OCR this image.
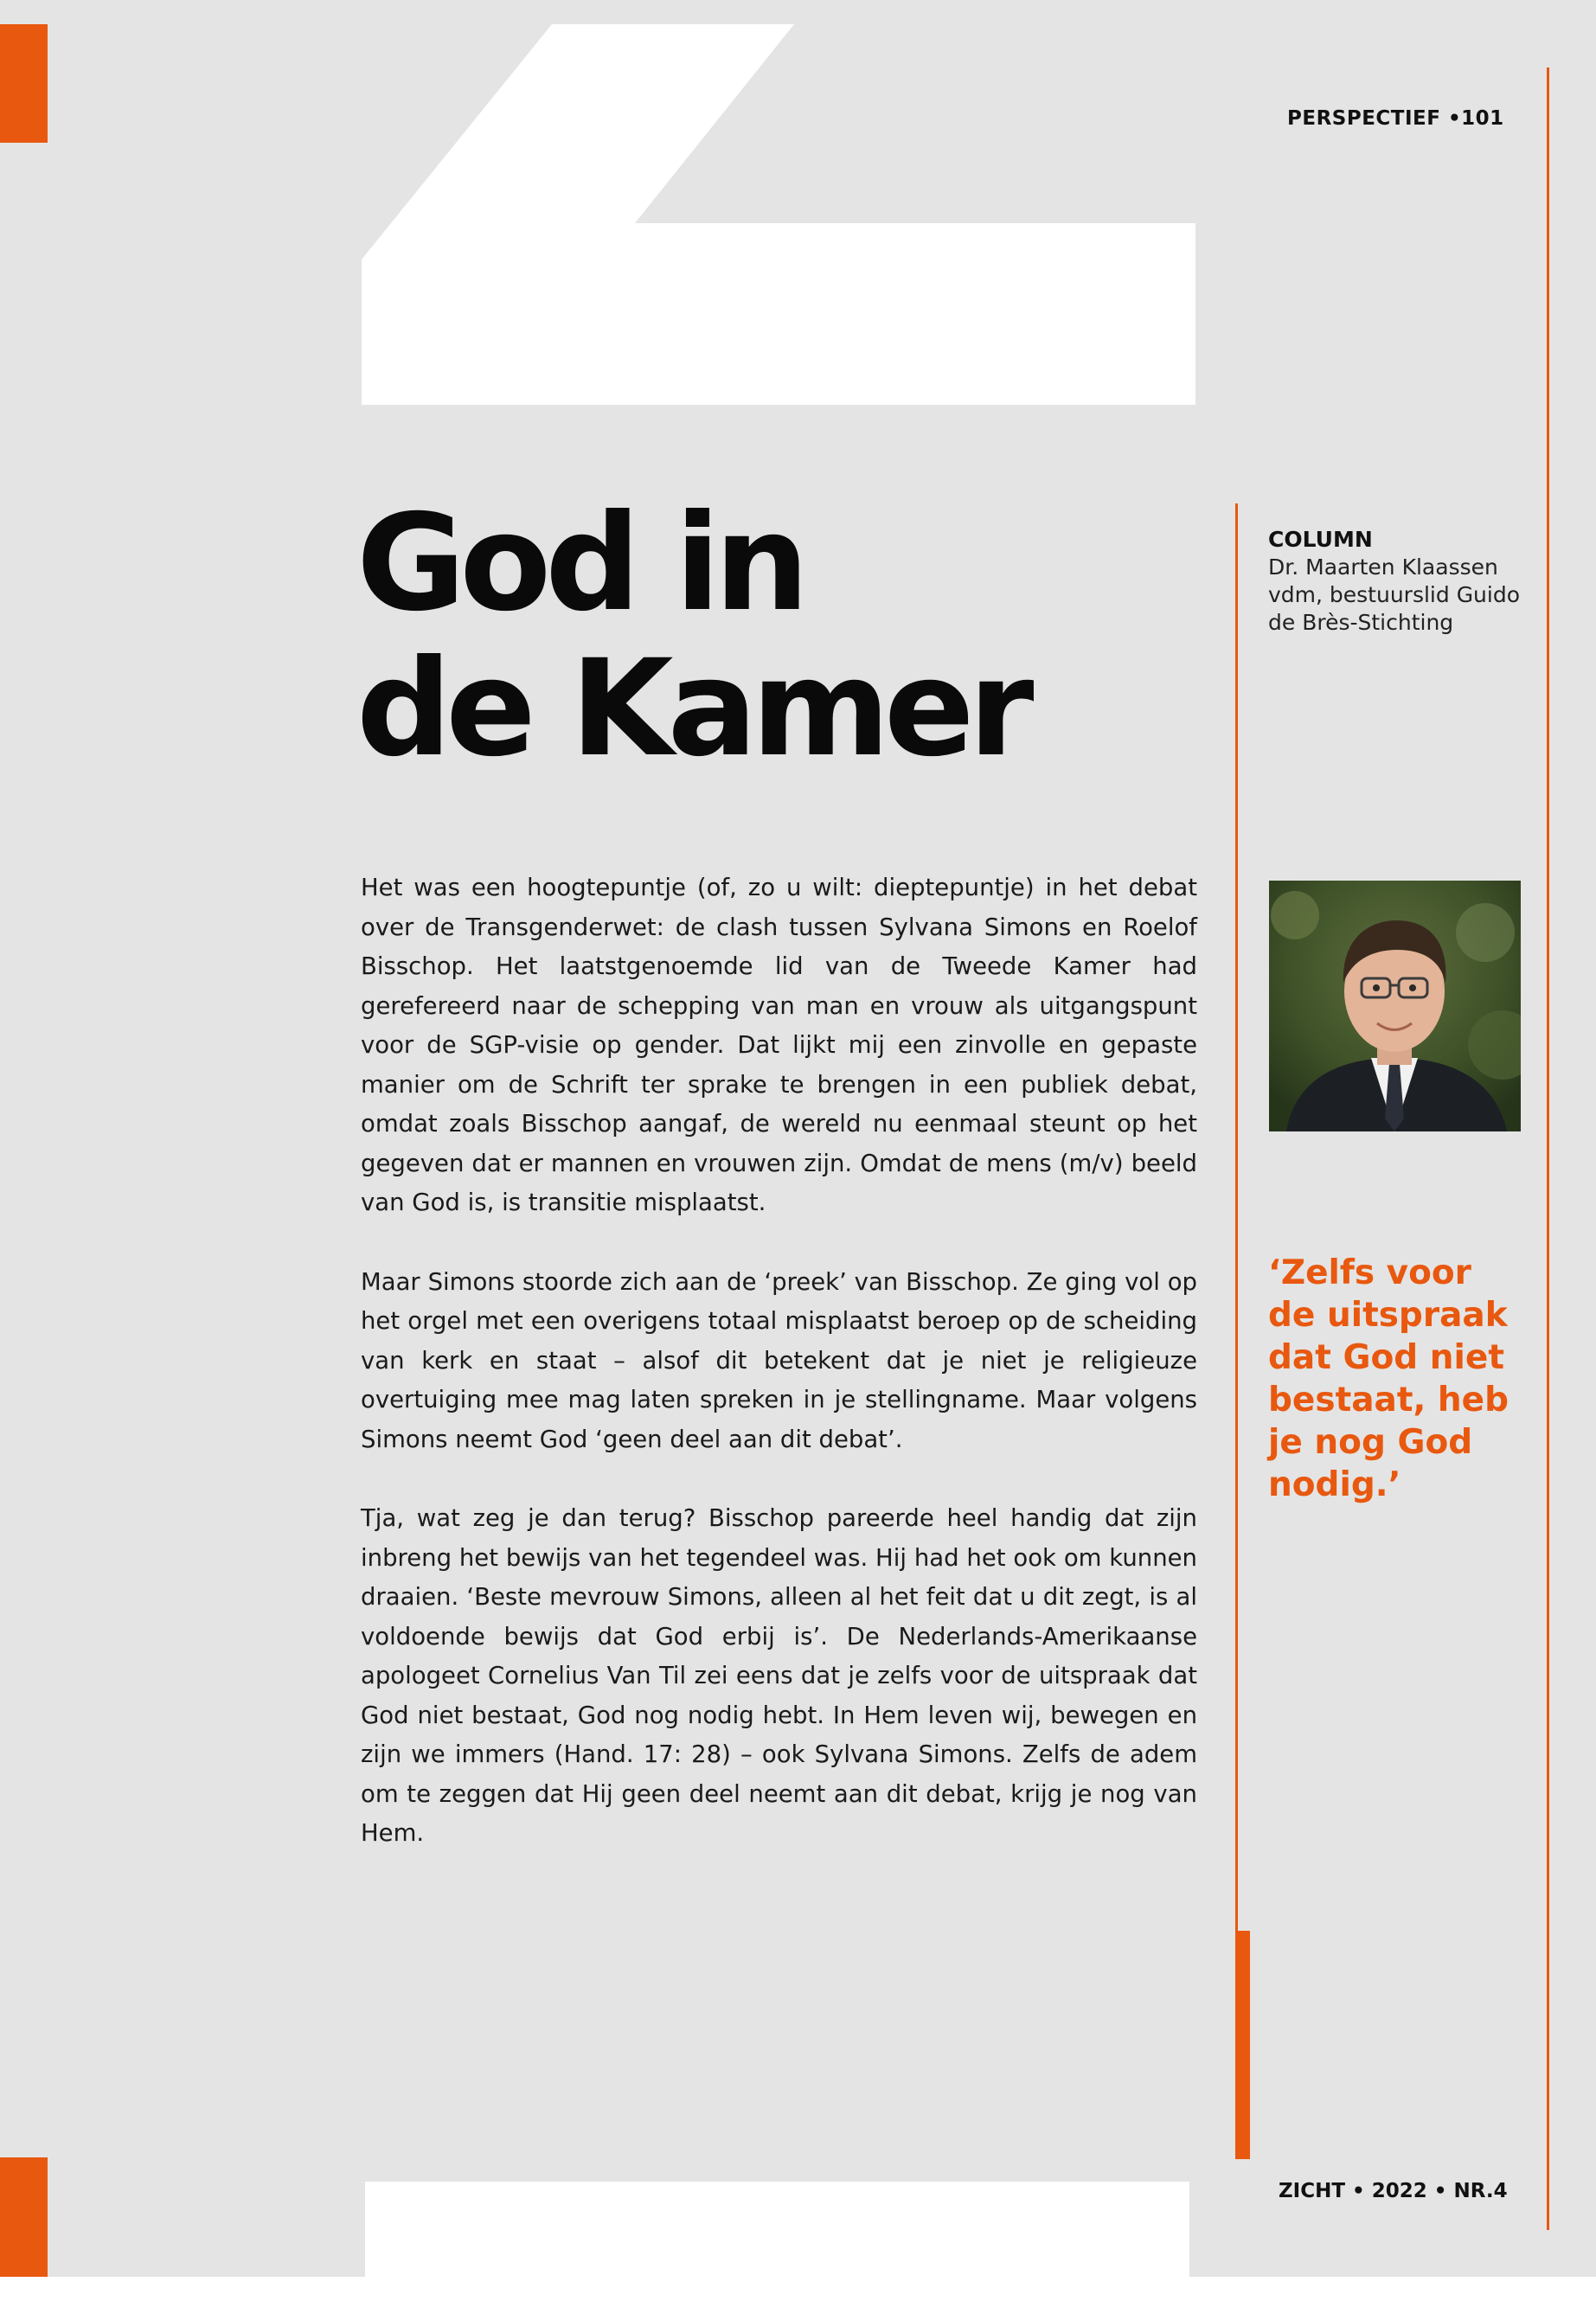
PERSPECTIEF •101
God in
de Kamer
COLUMN

Dr. Maarten Klaassen vdm, bestuurslid Guido de Brès-Stichting

Het was een hoogtepuntje (of, zo u wilt: dieptepuntje) in het debat over de Transgenderwet: de clash tussen Sylvana Simons en Roelof Bisschop. Het laatstgenoemde lid van de Tweede Kamer had gerefereerd naar de schepping van man en vrouw als uitgangspunt voor de SGP-visie op gender. Dat lijkt mij een zinvolle en gepaste manier om de Schrift ter sprake te brengen in een publiek debat, omdat zoals Bisschop aangaf, de wereld nu eenmaal steunt op het gegeven dat er mannen en vrouwen zijn. Omdat de mens (m/v) beeld van God is, is transitie misplaatst.

Maar Simons stoorde zich aan de ‘preek’ van Bisschop. Ze ging vol op het orgel met een overigens totaal misplaatst beroep op de scheiding van kerk en staat – alsof dit betekent dat je niet je religieuze overtuiging mee mag laten spreken in je stellingname. Maar volgens Simons neemt God ‘geen deel aan dit debat’.

Tja, wat zeg je dan terug? Bisschop pareerde heel handig dat zijn inbreng het bewijs van het tegendeel was. Hij had het ook om kunnen draaien. ‘Beste mevrouw Simons, alleen al het feit dat u dit zegt, is al voldoende bewijs dat God erbij is’. De Nederlands-Amerikaanse apologeet Cornelius Van Til zei eens dat je zelfs voor de uitspraak dat God niet bestaat, God nog nodig hebt. In Hem leven wij, bewegen en zijn we immers (Hand. 17: 28) – ook Sylvana Simons. Zelfs de adem om te zeggen dat Hij geen deel neemt aan dit debat, krijg je nog van Hem.

‘Zelfs voor de uitspraak dat God niet bestaat, heb je nog God nodig.’

ZICHT • 2022 • NR.4
